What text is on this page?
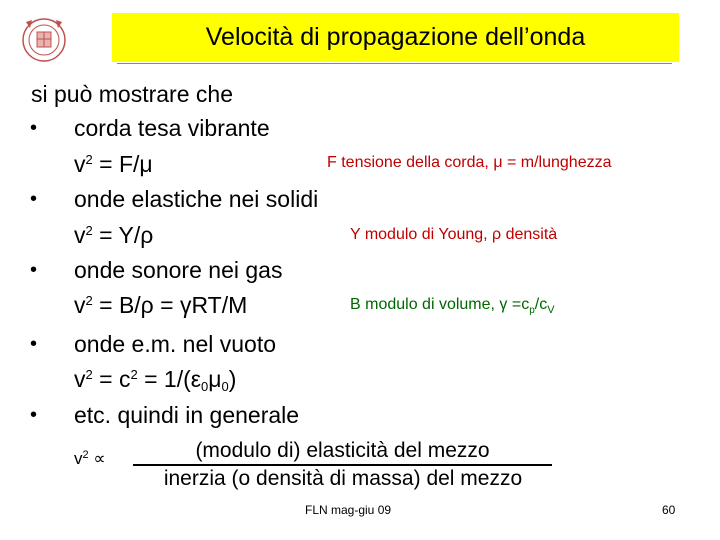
Velocità di propagazione dell’onda
si può mostrare che
• corda tesa vibrante
$v^2 = F/\mu$	F tensione della corda, μ = m/lunghezza
• onde elastiche nei solidi
$v^2 = Y/\rho$	Y modulo di Young, ρ densità
• onde sonore nei gas
$v^2 = B/\rho = \gamma RT/M$	B modulo di volume, $\gamma =c_p/c_V$
• onde e.m. nel vuoto
$v^2 = c^2 = 1/(\varepsilon_0\mu_0)$
• etc. quindi in generale
$v^2$ ∝	(modulo di) elasticità del mezzo
inerzia (o densità di massa) del mezzo
FLN mag-giu 09	60
